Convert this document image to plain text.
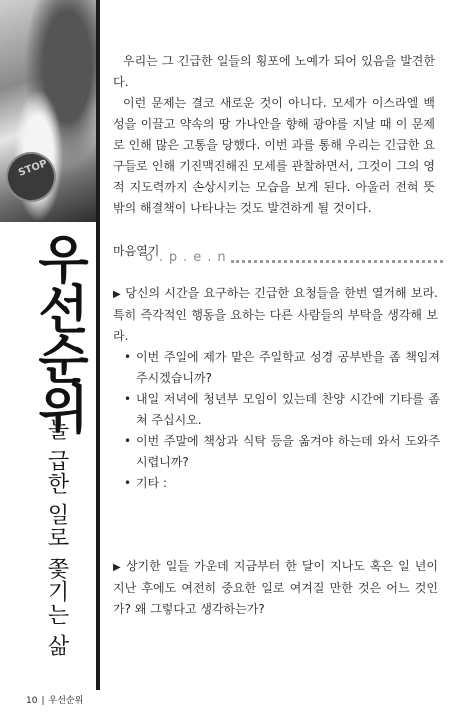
STOP
우선순위
늘 급한 일로 쫓기는 삶

우리는 그 긴급한 일들의 횡포에 노예가 되어 있음을 발견한다.

이런 문제는 결코 새로운 것이 아니다. 모세가 이스라엘 백성을 이끌고 약속의 땅 가나안을 향해 광야를 지날 때 이 문제로 인해 많은 고통을 당했다. 이번 과를 통해 우리는 긴급한 요구들로 인해 기진맥진해진 모세를 관찰하면서, 그것이 그의 영적 지도력까지 손상시키는 모습을 보게 된다. 아울러 전혀 뜻밖의 해결책이 나타나는 것도 발견하게 될 것이다.

마음열기
o.p.e.n

▶ 당신의 시간을 요구하는 긴급한 요청들을 한번 열거해 보라. 특히 즉각적인 행동을 요하는 다른 사람들의 부탁을 생각해 보라.

• 이번 주일에 제가 맡은 주일학교 성경 공부반을 좀 책임져 주시겠습니까?
• 내일 저녁에 청년부 모임이 있는데 찬양 시간에 기타를 좀 쳐 주십시오.
• 이번 주말에 책상과 식탁 등을 옮겨야 하는데 와서 도와주시렵니까?
• 기타 :

▶ 상기한 일들 가운데 지금부터 한 달이 지나도 혹은 일 년이 지난 후에도 여전히 중요한 일로 여겨질 만한 것은 어느 것인가? 왜 그렇다고 생각하는가?

10 | 우선순위
